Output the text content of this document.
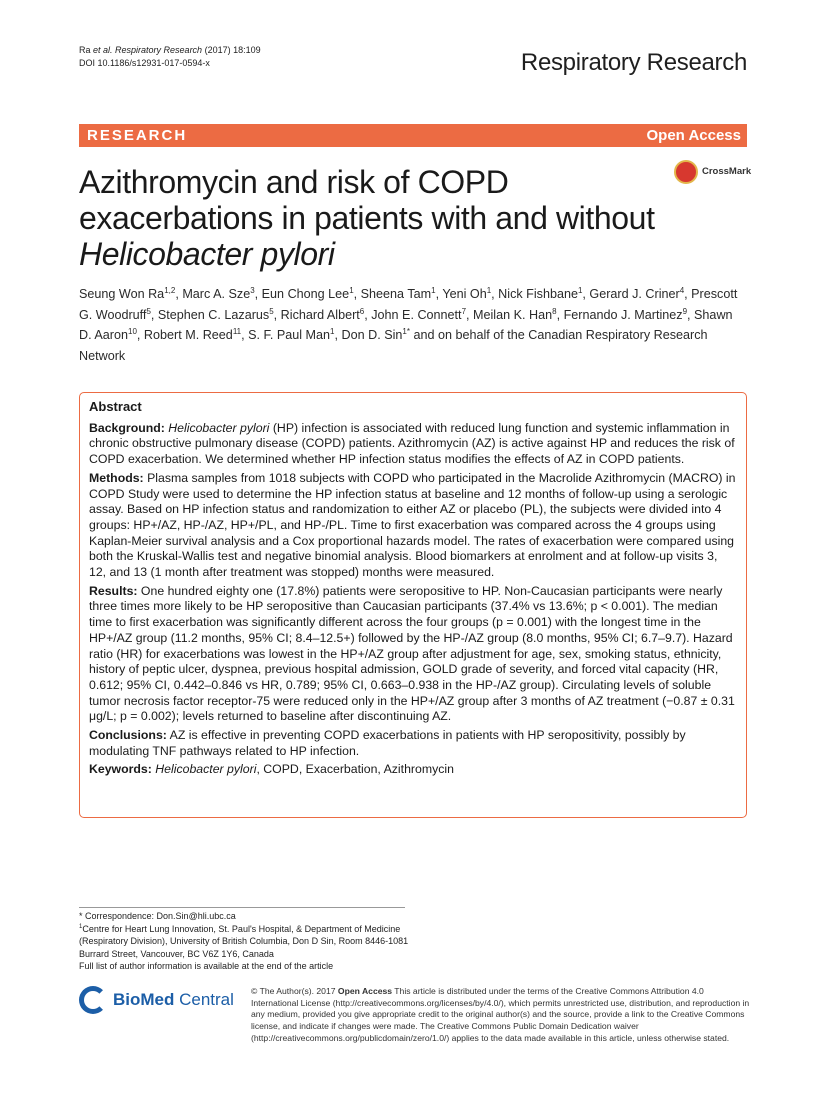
Ra et al. Respiratory Research (2017) 18:109
DOI 10.1186/s12931-017-0594-x	Respiratory Research
RESEARCH	Open Access
CrossMark
Azithromycin and risk of COPD
exacerbations in patients with and without
Helicobacter pylori
Seung Won Ra$^{1,2}$, Marc A. Sze$^3$, Eun Chong Lee$^1$, Sheena Tam$^1$, Yeni Oh$^1$, Nick Fishbane$^1$, Gerard J. Criner$^4$, Prescott G. Woodruff$^5$, Stephen C. Lazarus$^5$, Richard Albert$^6$, John E. Connett$^7$, Meilan K. Han$^8$, Fernando J. Martinez$^9$, Shawn D. Aaron$^{10}$, Robert M. Reed$^{11}$, S. F. Paul Man$^1$, Don D. Sin$^{1*}$ and on behalf of the Canadian Respiratory Research Network
Abstract

Background: Helicobacter pylori (HP) infection is associated with reduced lung function and systemic inflammation in chronic obstructive pulmonary disease (COPD) patients. Azithromycin (AZ) is active against HP and reduces the risk of COPD exacerbation. We determined whether HP infection status modifies the effects of AZ in COPD patients.

Methods: Plasma samples from 1018 subjects with COPD who participated in the Macrolide Azithromycin (MACRO) in COPD Study were used to determine the HP infection status at baseline and 12 months of follow-up using a serologic assay. Based on HP infection status and randomization to either AZ or placebo (PL), the subjects were divided into 4 groups: HP+/AZ, HP-/AZ, HP+/PL, and HP-/PL. Time to first exacerbation was compared across the 4 groups using Kaplan-Meier survival analysis and a Cox proportional hazards model. The rates of exacerbation were compared using both the Kruskal-Wallis test and negative binomial analysis. Blood biomarkers at enrolment and at follow-up visits 3, 12, and 13 (1 month after treatment was stopped) months were measured.

Results: One hundred eighty one (17.8%) patients were seropositive to HP. Non-Caucasian participants were nearly three times more likely to be HP seropositive than Caucasian participants (37.4% vs 13.6%; p < 0.001). The median time to first exacerbation was significantly different across the four groups (p = 0.001) with the longest time in the HP+/AZ group (11.2 months, 95% CI; 8.4–12.5+) followed by the HP-/AZ group (8.0 months, 95% CI; 6.7–9.7). Hazard ratio (HR) for exacerbations was lowest in the HP+/AZ group after adjustment for age, sex, smoking status, ethnicity, history of peptic ulcer, dyspnea, previous hospital admission, GOLD grade of severity, and forced vital capacity (HR, 0.612; 95% CI, 0.442–0.846 vs HR, 0.789; 95% CI, 0.663–0.938 in the HP-/AZ group). Circulating levels of soluble tumor necrosis factor receptor-75 were reduced only in the HP+/AZ group after 3 months of AZ treatment (−0.87 ± 0.31 μg/L; p = 0.002); levels returned to baseline after discontinuing AZ.

Conclusions: AZ is effective in preventing COPD exacerbations in patients with HP seropositivity, possibly by modulating TNF pathways related to HP infection.

Keywords: Helicobacter pylori, COPD, Exacerbation, Azithromycin

* Correspondence: Don.Sin@hli.ubc.ca
$^1$Centre for Heart Lung Innovation, St. Paul's Hospital, & Department of Medicine (Respiratory Division), University of British Columbia, Don D Sin, Room 8446-1081 Burrard Street, Vancouver, BC V6Z 1Y6, Canada
Full list of author information is available at the end of the article
BioMed Central © The Author(s). 2017 Open Access This article is distributed under the terms of the Creative Commons Attribution 4.0 International License (http://creativecommons.org/licenses/by/4.0/), which permits unrestricted use, distribution, and reproduction in any medium, provided you give appropriate credit to the original author(s) and the source, provide a link to the Creative Commons license, and indicate if changes were made. The Creative Commons Public Domain Dedication waiver (http://creativecommons.org/publicdomain/zero/1.0/) applies to the data made available in this article, unless otherwise stated.
